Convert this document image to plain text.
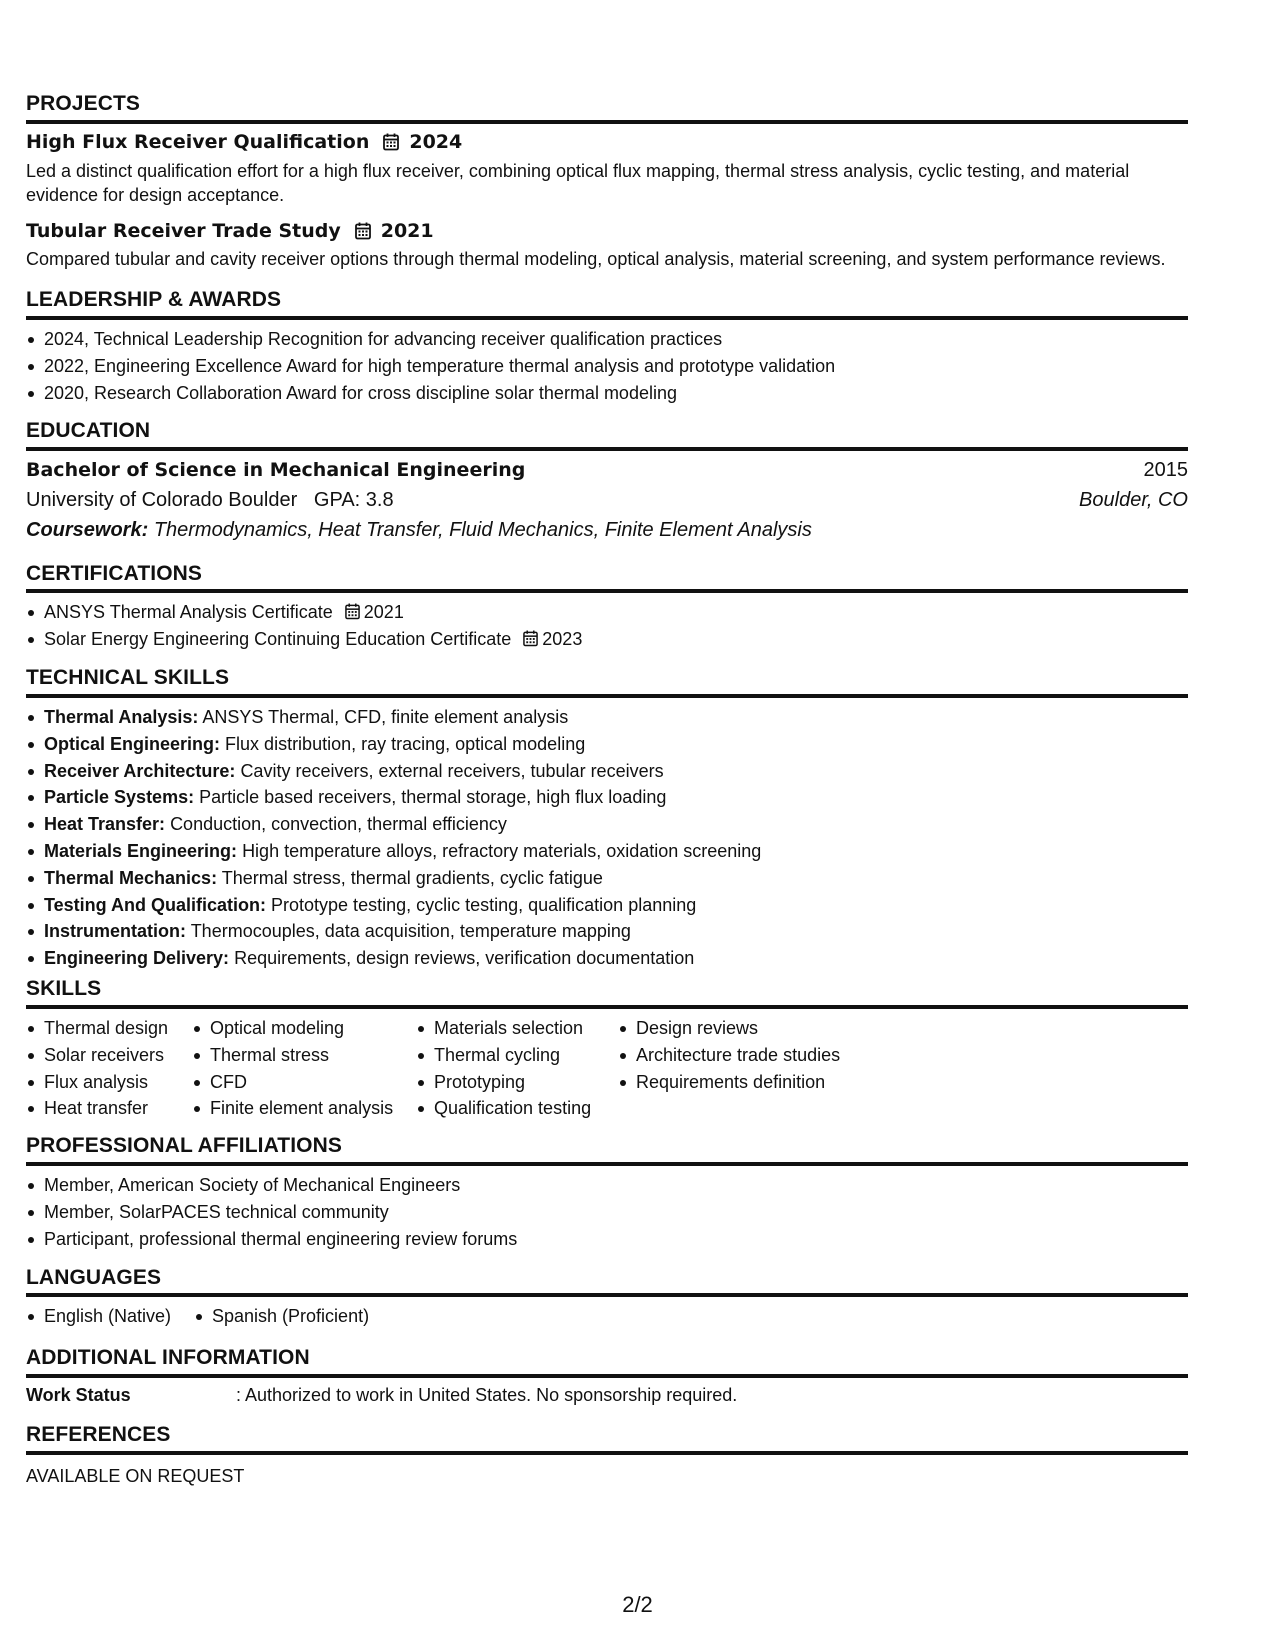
PROJECTS
High Flux Receiver Qualification 2024
Led a distinct qualification effort for a high flux receiver, combining optical flux mapping, thermal stress analysis, cyclic testing, and material evidence for design acceptance.
Tubular Receiver Trade Study 2021
Compared tubular and cavity receiver options through thermal modeling, optical analysis, material screening, and system performance reviews.
LEADERSHIP & AWARDS
2024, Technical Leadership Recognition for advancing receiver qualification practices
2022, Engineering Excellence Award for high temperature thermal analysis and prototype validation
2020, Research Collaboration Award for cross discipline solar thermal modeling
EDUCATION
Bachelor of Science in Mechanical Engineering	2015
University of Colorado Boulder GPA: 3.8	Boulder, CO
Coursework: Thermodynamics, Heat Transfer, Fluid Mechanics, Finite Element Analysis
CERTIFICATIONS
ANSYS Thermal Analysis Certificate 2021
Solar Energy Engineering Continuing Education Certificate 2023
TECHNICAL SKILLS
Thermal Analysis: ANSYS Thermal, CFD, finite element analysis
Optical Engineering: Flux distribution, ray tracing, optical modeling
Receiver Architecture: Cavity receivers, external receivers, tubular receivers
Particle Systems: Particle based receivers, thermal storage, high flux loading
Heat Transfer: Conduction, convection, thermal efficiency
Materials Engineering: High temperature alloys, refractory materials, oxidation screening
Thermal Mechanics: Thermal stress, thermal gradients, cyclic fatigue
Testing And Qualification: Prototype testing, cyclic testing, qualification planning
Instrumentation: Thermocouples, data acquisition, temperature mapping
Engineering Delivery: Requirements, design reviews, verification documentation
SKILLS
Thermal design
Solar receivers
Flux analysis
Heat transfer
Optical modeling
Thermal stress
CFD
Finite element analysis
Materials selection
Thermal cycling
Prototyping
Qualification testing
Design reviews
Architecture trade studies
Requirements definition
PROFESSIONAL AFFILIATIONS
Member, American Society of Mechanical Engineers
Member, SolarPACES technical community
Participant, professional thermal engineering review forums
LANGUAGES
English (Native)	Spanish (Proficient)
ADDITIONAL INFORMATION
Work Status	: Authorized to work in United States. No sponsorship required.
REFERENCES
AVAILABLE ON REQUEST
2/2
